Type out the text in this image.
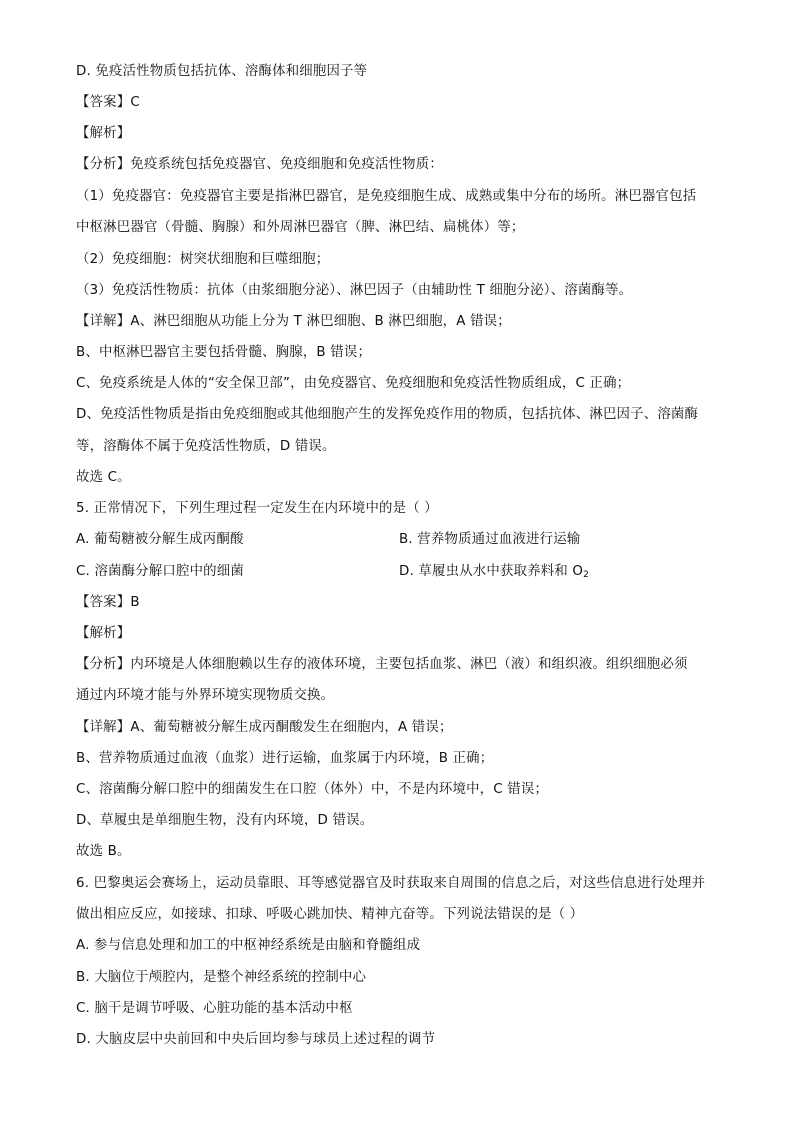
D. 免疫活性物质包括抗体、溶酶体和细胞因子等
【答案】C
【解析】
【分析】免疫系统包括免疫器官、免疫细胞和免疫活性物质：
（1）免疫器官：免疫器官主要是指淋巴器官，是免疫细胞生成、成熟或集中分布的场所。淋巴器官包括
中枢淋巴器官（骨髓、胸腺）和外周淋巴器官（脾、淋巴结、扁桃体）等；
（2）免疫细胞：树突状细胞和巨噬细胞；
（3）免疫活性物质：抗体（由浆细胞分泌）、淋巴因子（由辅助性 T 细胞分泌）、溶菌酶等。
【详解】A、淋巴细胞从功能上分为 T 淋巴细胞、B 淋巴细胞，A 错误；
B、中枢淋巴器官主要包括骨髓、胸腺，B 错误；
C、免疫系统是人体的“安全保卫部”，由免疫器官、免疫细胞和免疫活性物质组成，C 正确；
D、免疫活性物质是指由免疫细胞或其他细胞产生的发挥免疫作用的物质，包括抗体、淋巴因子、溶菌酶
等，溶酶体不属于免疫活性物质，D 错误。
故选 C。
5. 正常情况下，下列生理过程一定发生在内环境中的是（ ）
A. 葡萄糖被分解生成丙酮酸	B. 营养物质通过血液进行运输
C. 溶菌酶分解口腔中的细菌	D. 草履虫从水中获取养料和 $O_2$
【答案】B
【解析】
【分析】内环境是人体细胞赖以生存的液体环境，主要包括血浆、淋巴（液）和组织液。组织细胞必须
通过内环境才能与外界环境实现物质交换。
【详解】A、葡萄糖被分解生成丙酮酸发生在细胞内，A 错误；
B、营养物质通过血液（血浆）进行运输，血浆属于内环境，B 正确；
C、溶菌酶分解口腔中的细菌发生在口腔（体外）中，不是内环境中，C 错误；
D、草履虫是单细胞生物，没有内环境，D 错误。
故选 B。
6. 巴黎奥运会赛场上，运动员靠眼、耳等感觉器官及时获取来自周围的信息之后，对这些信息进行处理并
做出相应反应，如接球、扣球、呼吸心跳加快、精神亢奋等。下列说法错误的是（ ）
A. 参与信息处理和加工的中枢神经系统是由脑和脊髓组成
B. 大脑位于颅腔内，是整个神经系统的控制中心
C. 脑干是调节呼吸、心脏功能的基本活动中枢
D. 大脑皮层中央前回和中央后回均参与球员上述过程的调节
